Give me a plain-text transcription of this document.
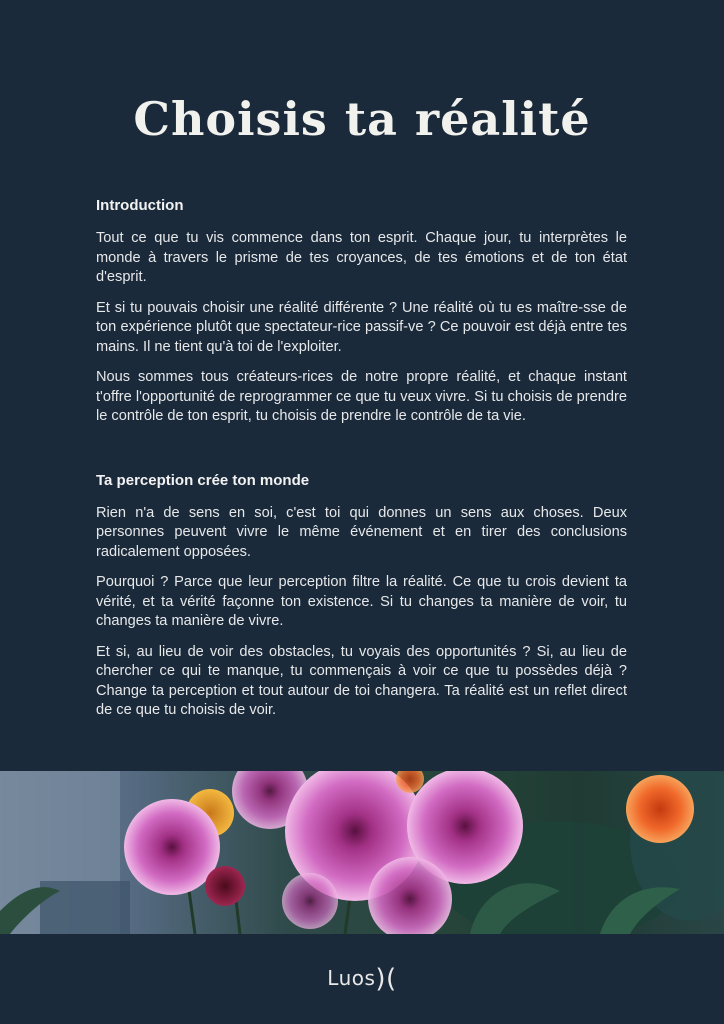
Choisis ta réalité

Introduction

Tout ce que tu vis commence dans ton esprit. Chaque jour, tu interprètes le monde à travers le prisme de tes croyances, de tes émotions et de ton état d'esprit.

Et si tu pouvais choisir une réalité différente ? Une réalité où tu es maître-sse de ton expérience plutôt que spectateur-rice passif-ve ? Ce pouvoir est déjà entre tes mains. Il ne tient qu'à toi de l'exploiter.

Nous sommes tous créateurs-rices de notre propre réalité, et chaque instant t'offre l'opportunité de reprogrammer ce que tu veux vivre. Si tu choisis de prendre le contrôle de ton esprit, tu choisis de prendre le contrôle de ta vie.

Ta perception crée ton monde

Rien n'a de sens en soi, c'est toi qui donnes un sens aux choses. Deux personnes peuvent vivre le même événement et en tirer des conclusions radicalement opposées.

Pourquoi ? Parce que leur perception filtre la réalité. Ce que tu crois devient ta vérité, et ta vérité façonne ton existence. Si tu changes ta manière de voir, tu changes ta manière de vivre.

Et si, au lieu de voir des obstacles, tu voyais des opportunités ? Si, au lieu de chercher ce qui te manque, tu commençais à voir ce que tu possèdes déjà ? Change ta perception et tout autour de toi changera. Ta réalité est un reflet direct de ce que tu choisis de voir.

Luos)(
